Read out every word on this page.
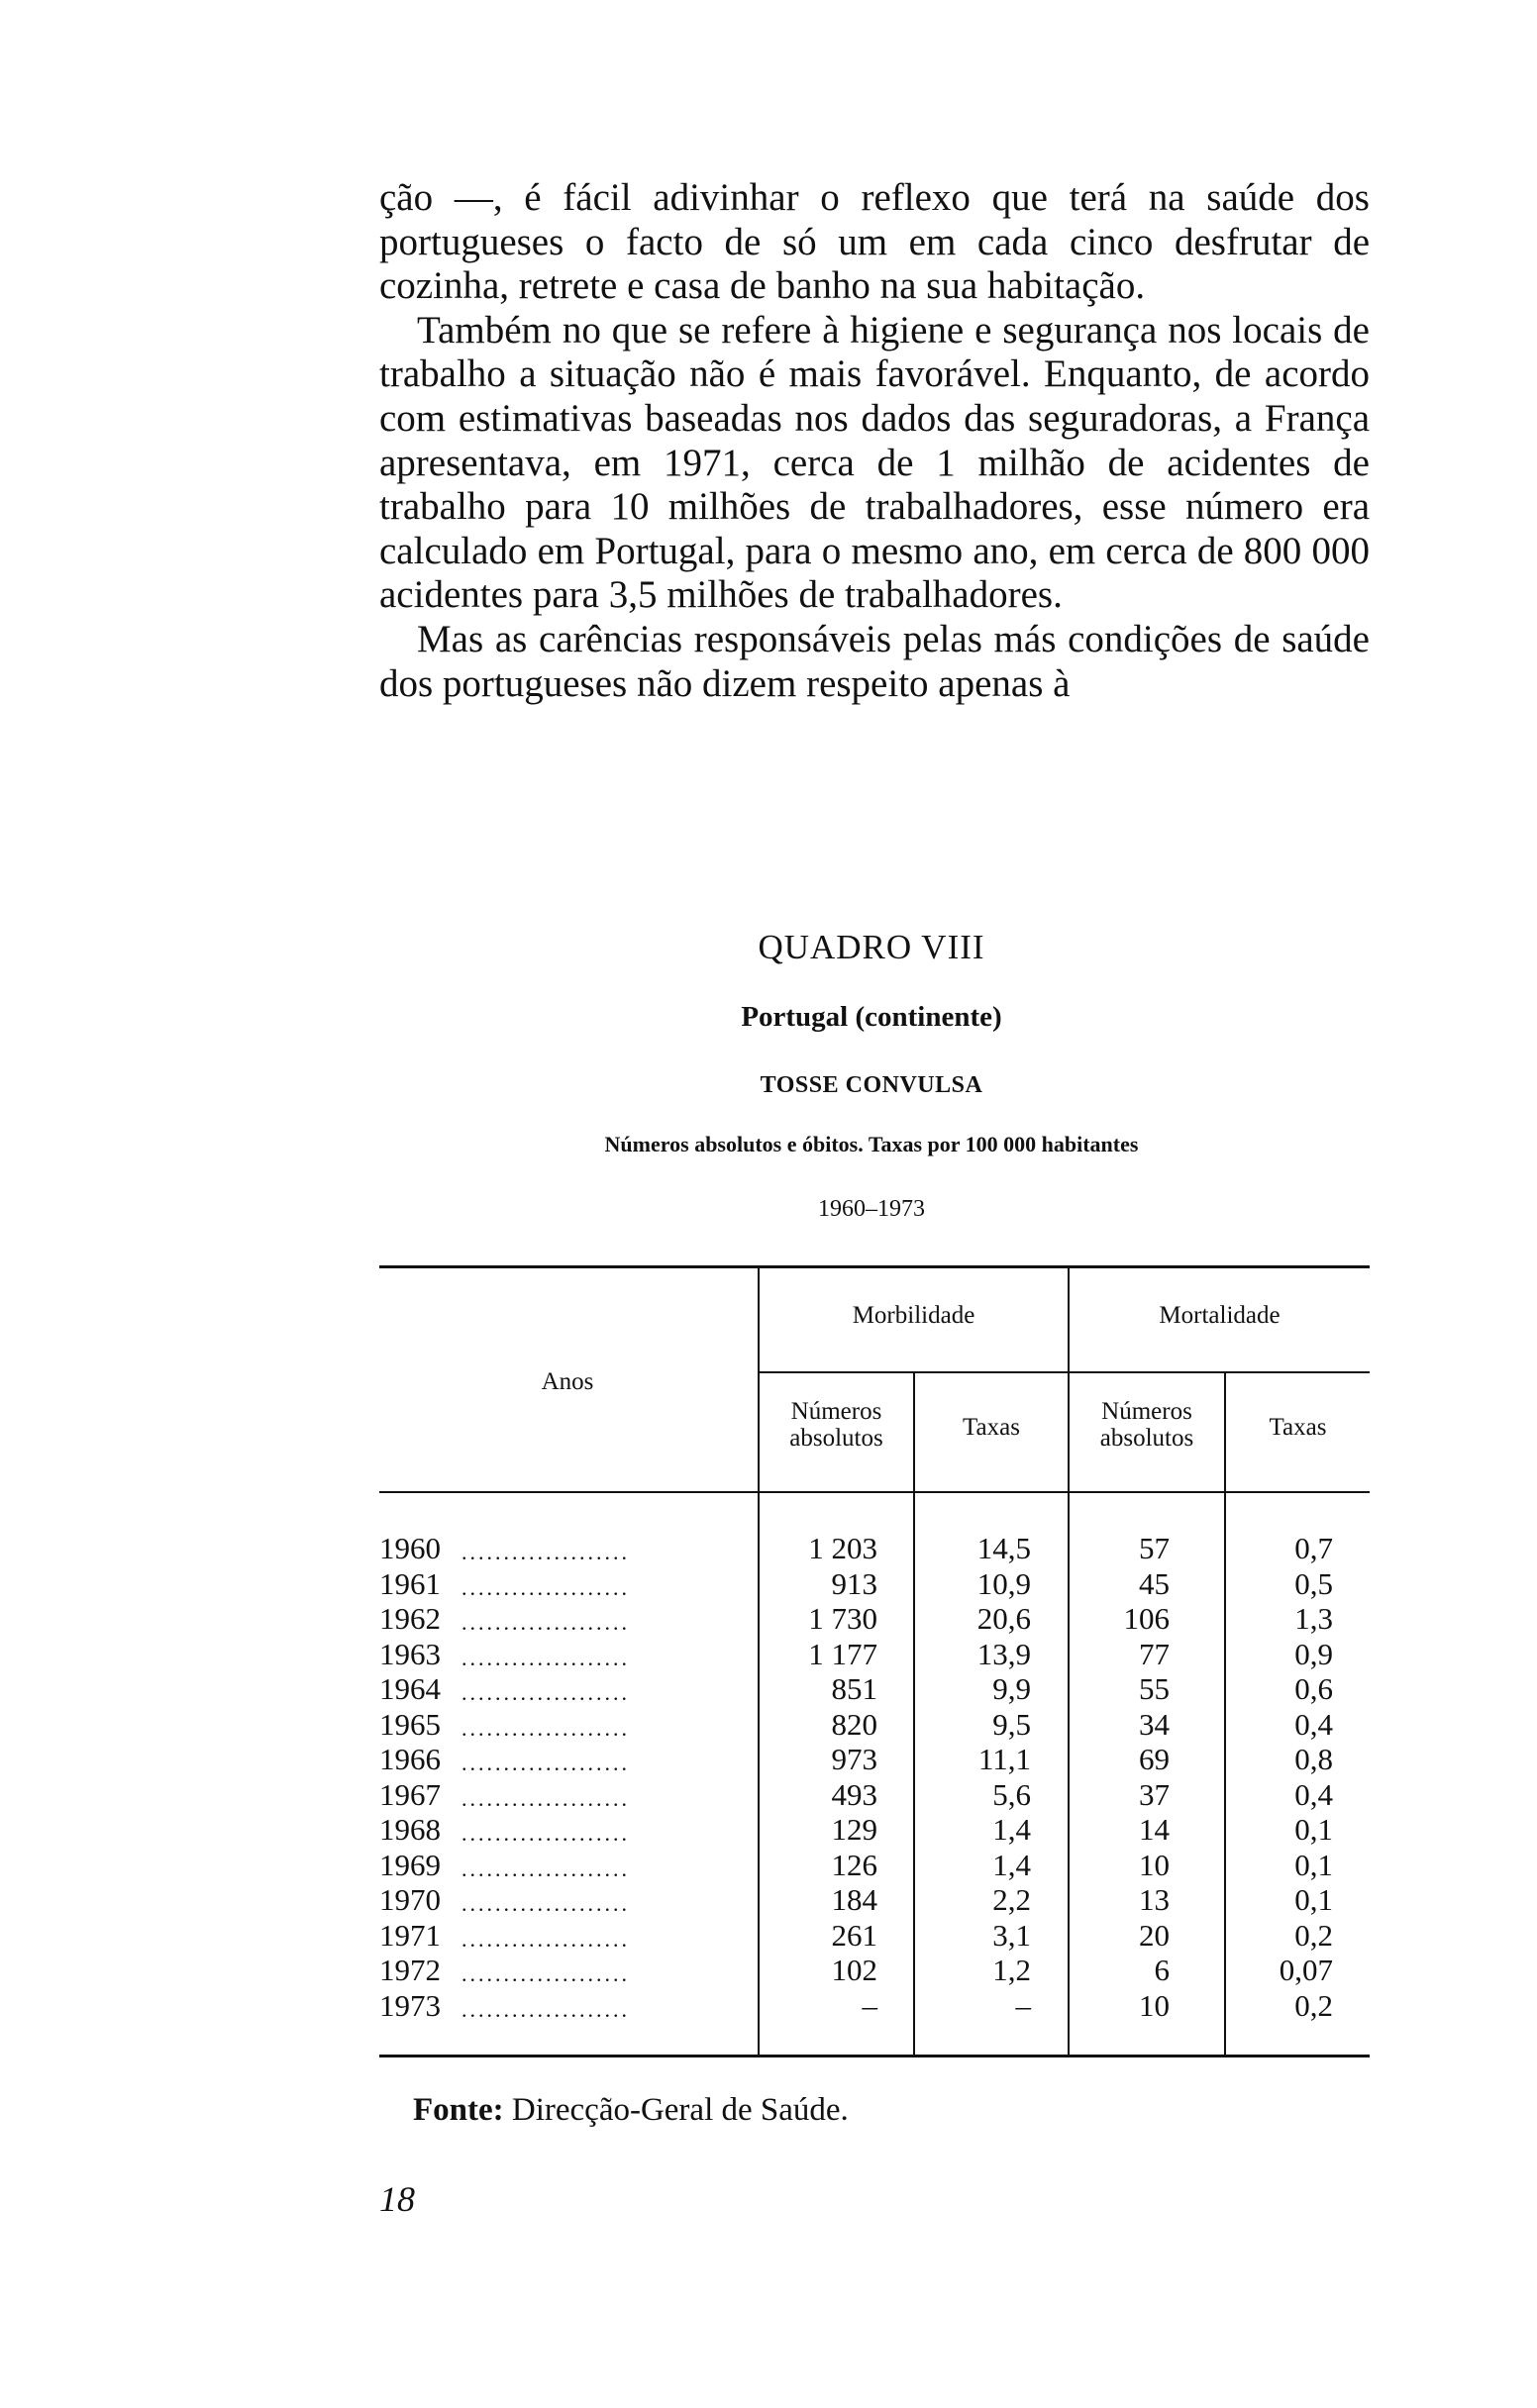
ção —, é fácil adivinhar o reflexo que terá na saúde dos portugueses o facto de só um em cada cinco desfrutar de cozinha, retrete e casa de banho na sua habitação.

Também no que se refere à higiene e segurança nos locais de trabalho a situação não é mais favorável. Enquanto, de acordo com estimativas baseadas nos dados das seguradoras, a França apresentava, em 1971, cerca de 1 milhão de acidentes de trabalho para 10 milhões de trabalhadores, esse número era calculado em Portugal, para o mesmo ano, em cerca de 800 000 acidentes para 3,5 milhões de trabalhadores.

Mas as carências responsáveis pelas más condições de saúde dos portugueses não dizem respeito apenas à

QUADRO VIII
Portugal (continente)
TOSSE CONVULSA
Números absolutos e óbitos. Taxas por 100 000 habitantes
1960–1973
Anos
Morbilidade	Mortalidade
Números
absolutos	Taxas
Números
absolutos	Taxas
1960 ....................	1 203	14,5	57	0,7
1961 ....................	913	10,9	45	0,5
1962 ....................	1 730	20,6	106	1,3
1963 ....................	1 177	13,9	77	0,9
1964 ....................	851	9,9	55	0,6
1965 ....................	820	9,5	34	0,4
1966 ....................	973	11,1	69	0,8
1967 ....................	493	5,6	37	0,4
1968 ....................	129	1,4	14	0,1
1969 ....................	126	1,4	10	0,1
1970 ....................	184	2,2	13	0,1
1971 ....................	261	3,1	20	0,2
1972 ....................	102	1,2	6	0,07
1973 ....................	–	–	10	0,2
Fonte: Direcção-Geral de Saúde.
18
